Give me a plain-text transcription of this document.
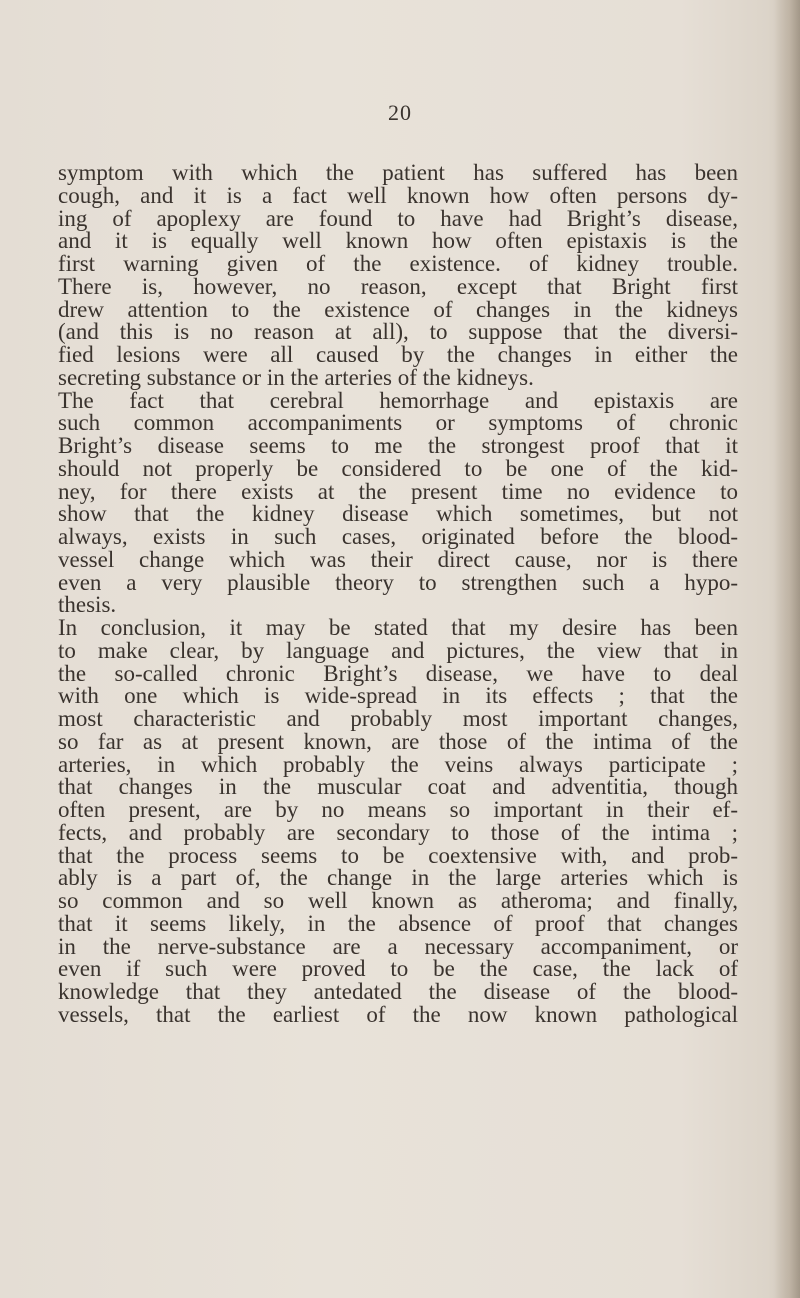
20
symptom with which the patient has suffered has been
cough, and it is a fact well known how often persons dy-
ing of apoplexy are found to have had Bright’s disease,
and it is equally well known how often epistaxis is the
first warning given of the existence. of kidney trouble.
There is, however, no reason, except that Bright first
drew attention to the existence of changes in the kidneys
(and this is no reason at all), to suppose that the diversi-
fied lesions were all caused by the changes in either the
secreting substance or in the arteries of the kidneys.
The fact that cerebral hemorrhage and epistaxis are
such common accompaniments or symptoms of chronic
Bright’s disease seems to me the strongest proof that it
should not properly be considered to be one of the kid-
ney, for there exists at the present time no evidence to
show that the kidney disease which sometimes, but not
always, exists in such cases, originated before the blood-
vessel change which was their direct cause, nor is there
even a very plausible theory to strengthen such a hypo-
thesis.
In conclusion, it may be stated that my desire has been
to make clear, by language and pictures, the view that in
the so-called chronic Bright’s disease, we have to deal
with one which is wide-spread in its effects ; that the
most characteristic and probably most important changes,
so far as at present known, are those of the intima of the
arteries, in which probably the veins always participate ;
that changes in the muscular coat and adventitia, though
often present, are by no means so important in their ef-
fects, and probably are secondary to those of the intima ;
that the process seems to be coextensive with, and prob-
ably is a part of, the change in the large arteries which is
so common and so well known as atheroma; and finally,
that it seems likely, in the absence of proof that changes
in the nerve-substance are a necessary accompaniment, or
even if such were proved to be the case, the lack of
knowledge that they antedated the disease of the blood-
vessels, that the earliest of the now known pathological
